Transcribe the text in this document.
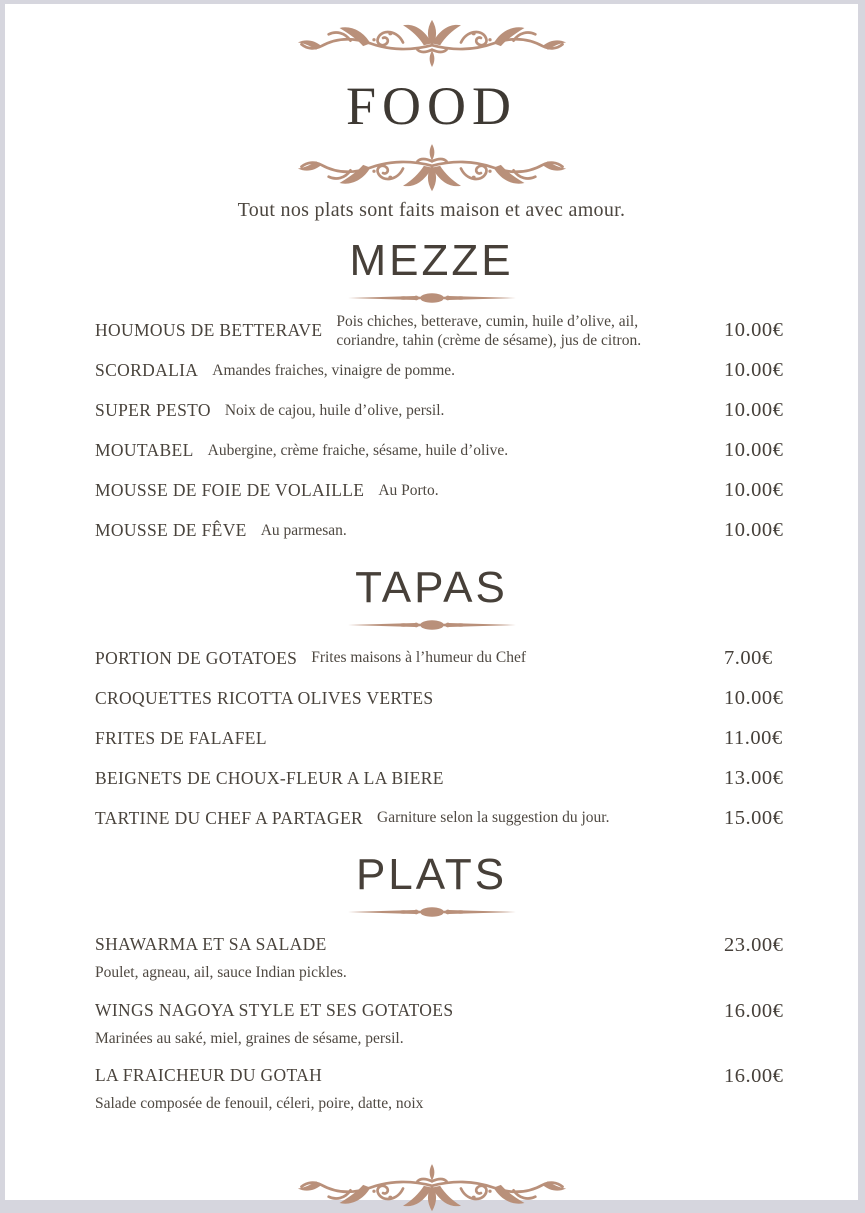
FOOD

Tout nos plats sont faits maison et avec amour.

MEZZE
HOUMOUS DE BETTERAVE Pois chiches, betterave, cumin, huile d’olive, ail, coriandre, tahin (crème de sésame), jus de citron.	10.00€
SCORDALIA Amandes fraiches, vinaigre de pomme.	10.00€
SUPER PESTO Noix de cajou, huile d’olive, persil.	10.00€
MOUTABEL Aubergine, crème fraiche, sésame, huile d’olive.	10.00€
MOUSSE DE FOIE DE VOLAILLE Au Porto.	10.00€
MOUSSE DE FÊVE Au parmesan.	10.00€
TAPAS
PORTION DE GOTATOES Frites maisons à l’humeur du Chef	7.00€
CROQUETTES RICOTTA OLIVES VERTES	10.00€
FRITES DE FALAFEL	11.00€
BEIGNETS DE CHOUX-FLEUR A LA BIERE	13.00€
TARTINE DU CHEF A PARTAGER Garniture selon la suggestion du jour.	15.00€
PLATS
SHAWARMA ET SA SALADE	23.00€
Poulet, agneau, ail, sauce Indian pickles.
WINGS NAGOYA STYLE ET SES GOTATOES	16.00€
Marinées au saké, miel, graines de sésame, persil.
LA FRAICHEUR DU GOTAH	16.00€
Salade composée de fenouil, céleri, poire, datte, noix
